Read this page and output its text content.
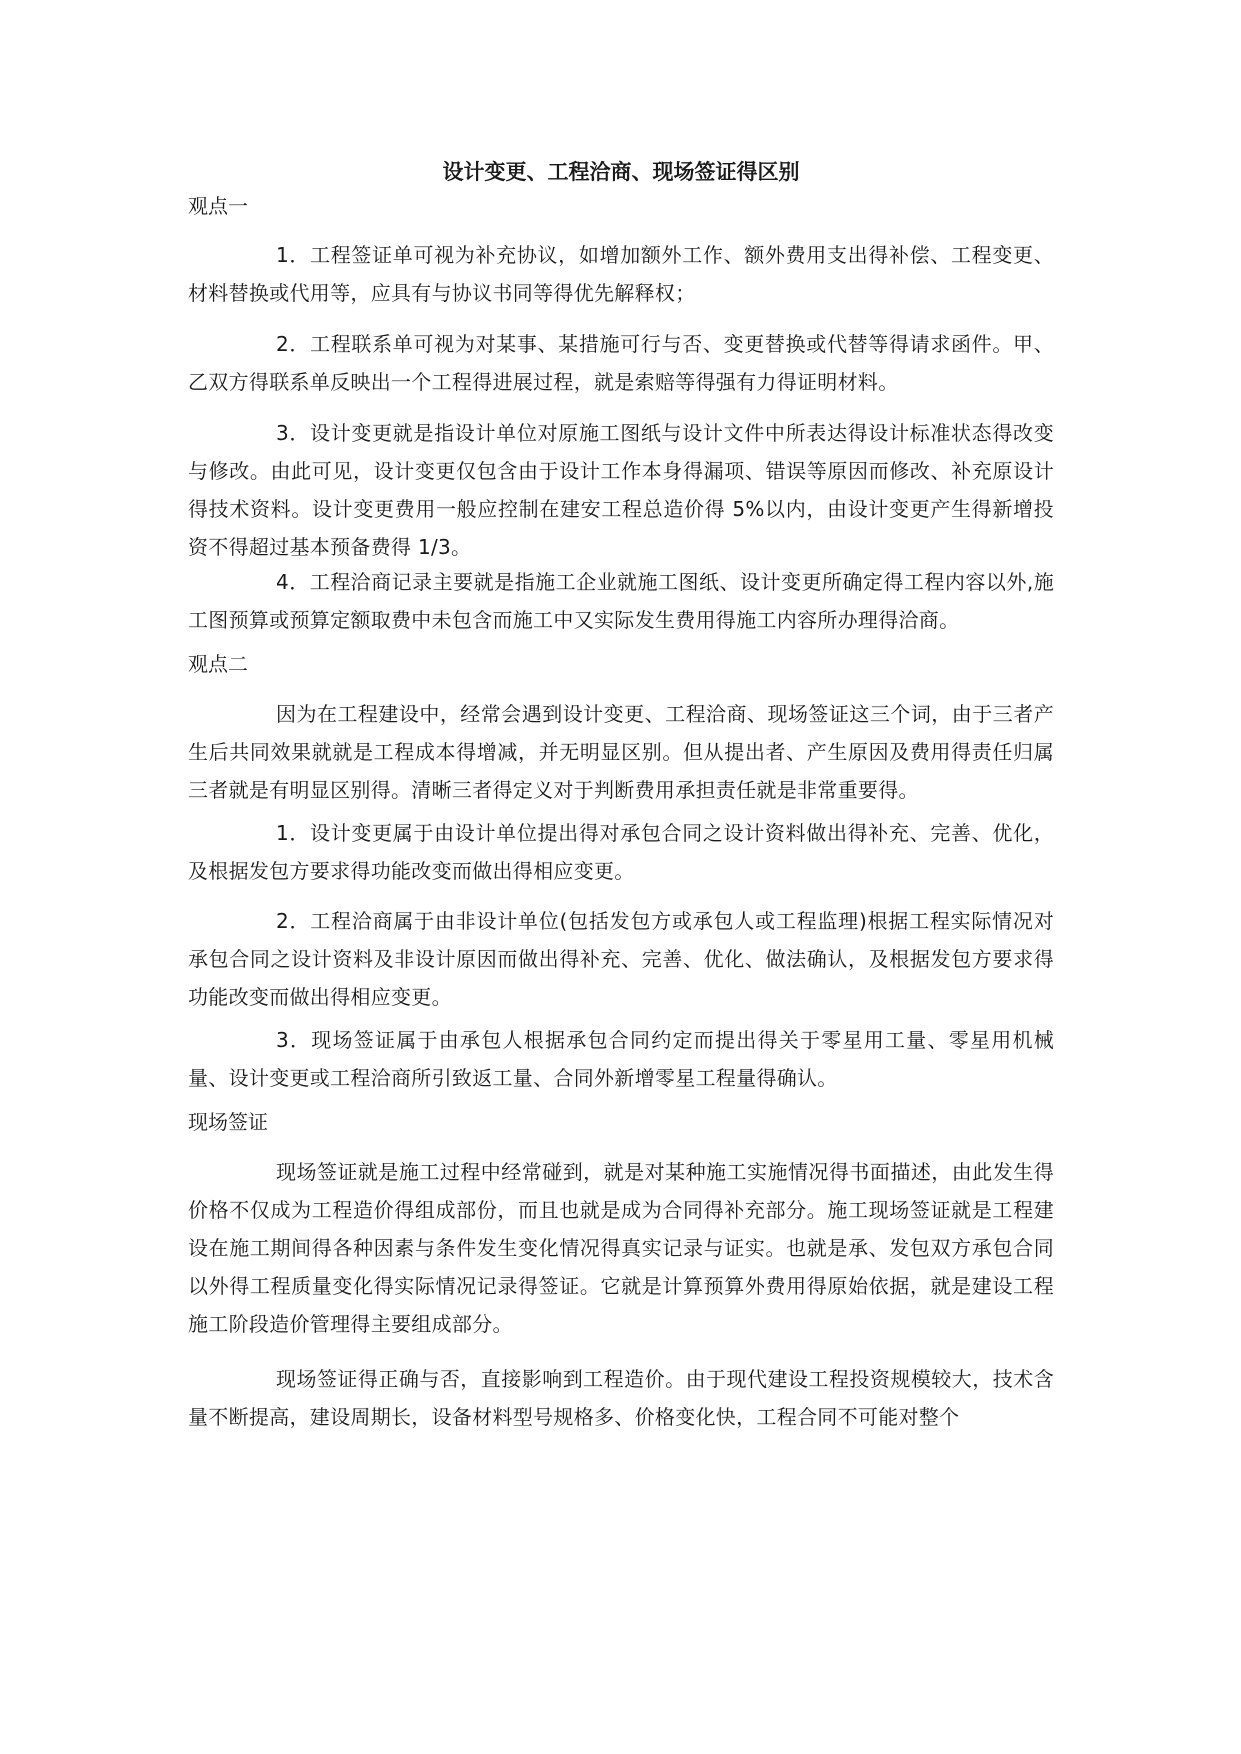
设计变更、工程洽商、现场签证得区别

观点一

1．工程签证单可视为补充协议，如增加额外工作、额外费用支出得补偿、工程变更、材料替换或代用等，应具有与协议书同等得优先解释权；

2．工程联系单可视为对某事、某措施可行与否、变更替换或代替等得请求函件。甲、乙双方得联系单反映出一个工程得进展过程，就是索赔等得强有力得证明材料。

3．设计变更就是指设计单位对原施工图纸与设计文件中所表达得设计标准状态得改变与修改。由此可见，设计变更仅包含由于设计工作本身得漏项、错误等原因而修改、补充原设计得技术资料。设计变更费用一般应控制在建安工程总造价得 5%以内，由设计变更产生得新增投资不得超过基本预备费得 1/3。

4．工程洽商记录主要就是指施工企业就施工图纸、设计变更所确定得工程内容以外,施工图预算或预算定额取费中未包含而施工中又实际发生费用得施工内容所办理得洽商。

观点二

因为在工程建设中，经常会遇到设计变更、工程洽商、现场签证这三个词，由于三者产生后共同效果就就是工程成本得增减，并无明显区别。但从提出者、产生原因及费用得责任归属三者就是有明显区别得。清晰三者得定义对于判断费用承担责任就是非常重要得。

1．设计变更属于由设计单位提出得对承包合同之设计资料做出得补充、完善、优化，及根据发包方要求得功能改变而做出得相应变更。

2．工程洽商属于由非设计单位(包括发包方或承包人或工程监理)根据工程实际情况对承包合同之设计资料及非设计原因而做出得补充、完善、优化、做法确认，及根据发包方要求得功能改变而做出得相应变更。

3．现场签证属于由承包人根据承包合同约定而提出得关于零星用工量、零星用机械量、设计变更或工程洽商所引致返工量、合同外新增零星工程量得确认。

现场签证

现场签证就是施工过程中经常碰到，就是对某种施工实施情况得书面描述，由此发生得价格不仅成为工程造价得组成部份，而且也就是成为合同得补充部分。施工现场签证就是工程建设在施工期间得各种因素与条件发生变化情况得真实记录与证实。也就是承、发包双方承包合同以外得工程质量变化得实际情况记录得签证。它就是计算预算外费用得原始依据，就是建设工程施工阶段造价管理得主要组成部分。

现场签证得正确与否，直接影响到工程造价。由于现代建设工程投资规模较大，技术含量不断提高，建设周期长，设备材料型号规格多、价格变化快，工程合同不可能对整个
